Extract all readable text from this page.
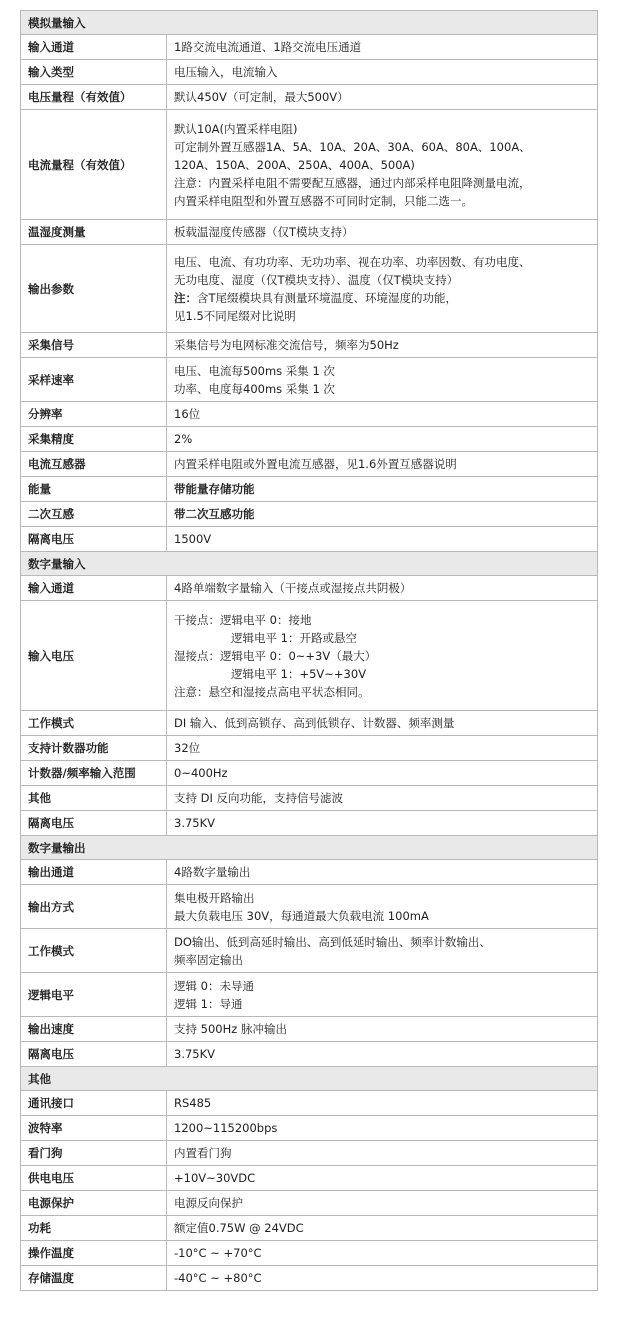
模拟量输入	
输入通道	1路交流电流通道、1路交流电压通道
输入类型	电压输入，电流输入
电压量程（有效值）	默认450V（可定制，最大500V）
电流量程（有效值）	默认10A(内置采样电阻)
可定制外置互感器1A、5A、10A、20A、30A、60A、80A、100A、
120A、150A、200A、250A、400A、500A)
注意：内置采样电阻不需要配互感器，通过内部采样电阻降测量电流，
内置采样电阻型和外置互感器不可同时定制，只能二选一。

温湿度测量	板载温湿度传感器（仅T模块支持）
输出参数	电压、电流、有功功率、无功功率、视在功率、功率因数、有功电度、
无功电度、湿度（仅T模块支持）、温度（仅T模块支持）
注：含T尾缀模块具有测量环境温度、环境湿度的功能，
见1.5不同尾缀对比说明

采集信号	采集信号为电网标准交流信号，频率为50Hz
采样速率	电压、电流每500ms 采集 1 次
功率、电度每400ms 采集 1 次

分辨率	16位
采集精度	2%
电流互感器	内置采样电阻或外置电流互感器，见1.6外置互感器说明
能量	带能量存储功能
二次互感	带二次互感功能
隔离电压	1500V
数字量输入	
输入通道	4路单端数字量输入（干接点或湿接点共阴极）
输入电压	干接点：逻辑电平 0：接地
逻辑电平 1：开路或悬空
湿接点：逻辑电平 0：0~+3V（最大）
逻辑电平 1：+5V~+30V
注意：悬空和湿接点高电平状态相同。

工作模式	DI 输入、低到高锁存、高到低锁存、计数器、频率测量
支持计数器功能	32位
计数器/频率输入范围	0~400Hz
其他	支持 DI 反向功能，支持信号滤波
隔离电压	3.75KV
数字量输出	
输出通道	4路数字量输出
输出方式	集电极开路输出
最大负载电压 30V，每通道最大负载电流 100mA

工作模式	DO输出、低到高延时输出、高到低延时输出、频率计数输出、
频率固定输出

逻辑电平	逻辑 0：未导通
逻辑 1：导通

输出速度	支持 500Hz 脉冲输出
隔离电压	3.75KV
其他	
通讯接口	RS485
波特率	1200~115200bps
看门狗	内置看门狗
供电电压	+10V~30VDC
电源保护	电源反向保护
功耗	额定值0.75W @ 24VDC
操作温度	-10°C ~ +70°C
存储温度	-40°C ~ +80°C
